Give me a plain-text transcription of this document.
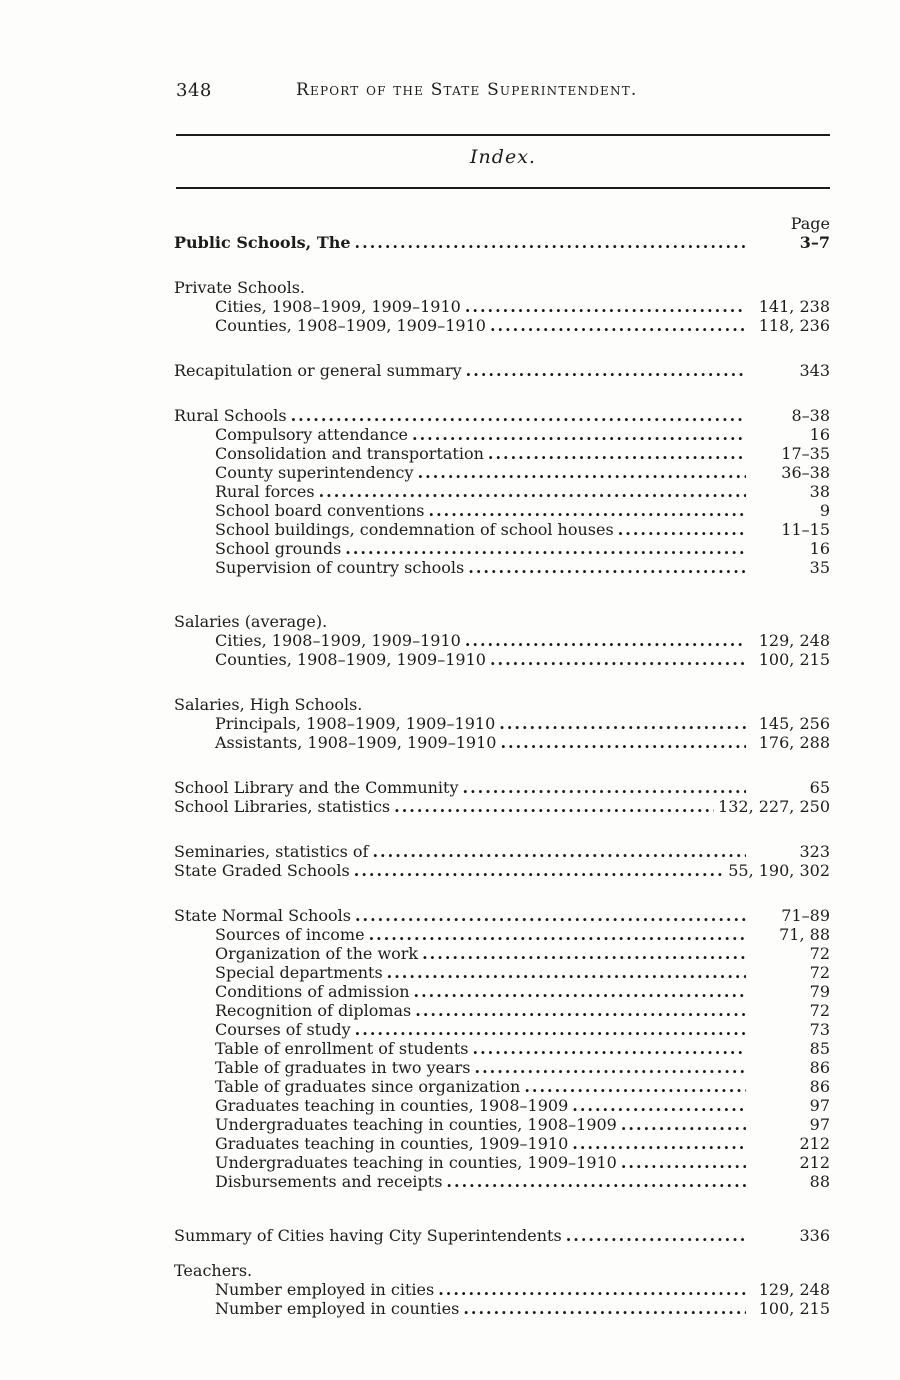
348	Report of the State Superintendent.
Index.
Page
Public Schools, The .....	3–7
Private Schools.
Cities, 1908–1909, 1909–1910 .....	141, 238
Counties, 1908–1909, 1909–1910 .....	118, 236
Recapitulation or general summary .....	343
Rural Schools .....	8–38
Compulsory attendance .....	16
Consolidation and transportation .....	17–35
County superintendency .....	36–38
Rural forces .....	38
School board conventions .....	9
School buildings, condemnation of school houses .....	11–15
School grounds .....	16
Supervision of country schools .....	35
Salaries (average).
Cities, 1908–1909, 1909–1910 .....	129, 248
Counties, 1908–1909, 1909–1910 .....	100, 215
Salaries, High Schools.
Principals, 1908–1909, 1909–1910 .....	145, 256
Assistants, 1908–1909, 1909–1910 .....	176, 288
School Library and the Community .....	65
School Libraries, statistics .....	132, 227, 250
Seminaries, statistics of .....	323
State Graded Schools .....	55, 190, 302
State Normal Schools .....	71–89
Sources of income .....	71, 88
Organization of the work .....	72
Special departments .....	72
Conditions of admission .....	79
Recognition of diplomas .....	72
Courses of study .....	73
Table of enrollment of students .....	85
Table of graduates in two years .....	86
Table of graduates since organization .....	86
Graduates teaching in counties, 1908–1909 .....	97
Undergraduates teaching in counties, 1908–1909 .....	97
Graduates teaching in counties, 1909–1910 .....	212
Undergraduates teaching in counties, 1909–1910 .....	212
Disbursements and receipts .....	88
Summary of Cities having City Superintendents .....	336
Teachers.
Number employed in cities .....	129, 248
Number employed in counties .....	100, 215
